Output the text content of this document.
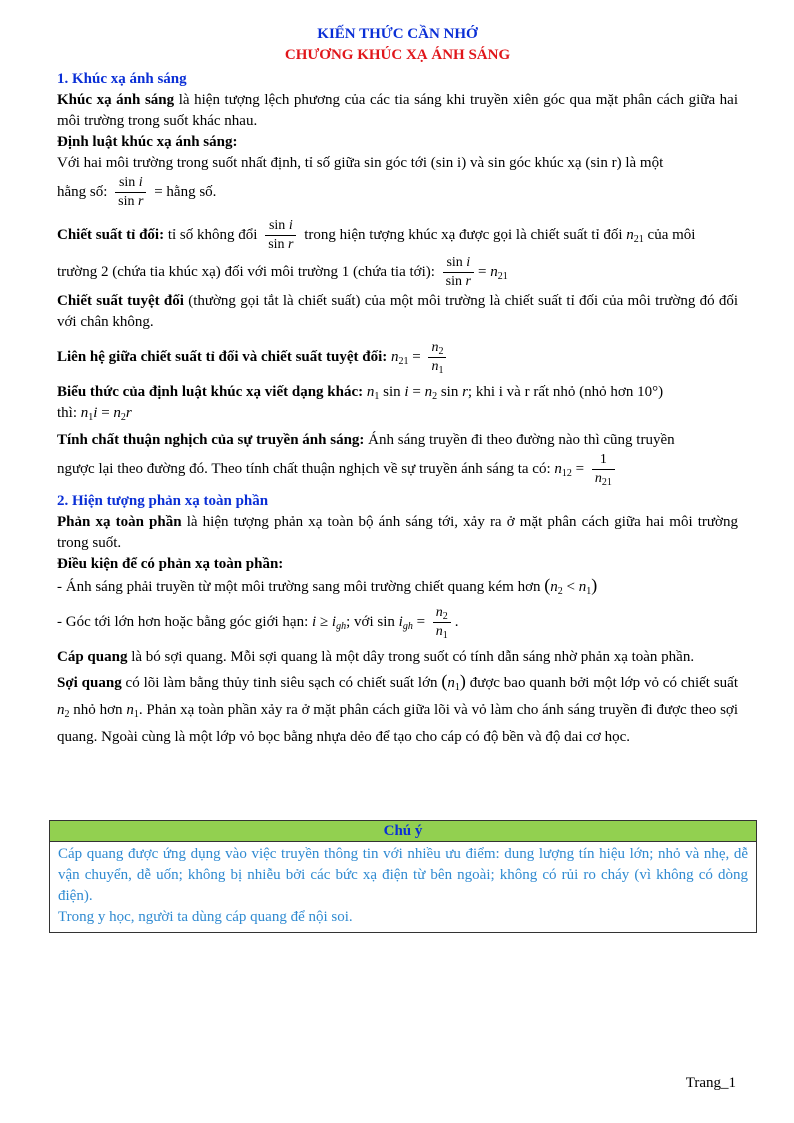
KIẾN THỨC CẦN NHỚ
CHƯƠNG KHÚC XẠ ÁNH SÁNG
1. Khúc xạ ánh sáng

Khúc xạ ánh sáng là hiện tượng lệch phương của các tia sáng khi truyền xiên góc qua mặt phân cách giữa hai môi trường trong suốt khác nhau.

Định luật khúc xạ ánh sáng:

Với hai môi trường trong suốt nhất định, tỉ số giữa sin góc tới (sin i) và sin góc khúc xạ (sin r) là một

hằng số: $\frac{\text{sin i}}{\text{sin r}}$ = hằng số.

Chiết suất tỉ đối: tỉ số không đổi $\frac{\text{sin i}}{\text{sin r}}$ trong hiện tượng khúc xạ được gọi là chiết suất tỉ đối $n_{21}$ của môi

trường 2 (chứa tia khúc xạ) đối với môi trường 1 (chứa tia tới): $\frac{\text{sin i}}{\text{sin r}} = n_{21}$

Chiết suất tuyệt đối (thường gọi tắt là chiết suất) của một môi trường là chiết suất tỉ đối của môi trường đó đối với chân không.

Liên hệ giữa chiết suất tỉ đối và chiết suất tuyệt đối: $n_{21} = \frac{n_2}{n_1}$

Biểu thức của định luật khúc xạ viết dạng khác: $n_1$ $\sin i = n_2$ sin r; khi i và r rất nhỏ (nhỏ hơn 10°)

thì: $n_1i = n_2r$

Tính chất thuận nghịch của sự truyền ánh sáng: Ánh sáng truyền đi theo đường nào thì cũng truyền

ngược lại theo đường đó. Theo tính chất thuận nghịch về sự truyền ánh sáng ta có: $n_{12} = \frac{1}{n_{21}}$

2. Hiện tượng phản xạ toàn phần

Phản xạ toàn phần là hiện tượng phản xạ toàn bộ ánh sáng tới, xảy ra ở mặt phân cách giữa hai môi trường trong suốt.

Điều kiện để có phản xạ toàn phần:

- Ánh sáng phải truyền từ một môi trường sang môi trường chiết quang kém hơn $(n_2 < n_1)$

- Góc tới lớn hơn hoặc bằng góc giới hạn: $i \ge i_{gh}$; với $\sin i_{gh} = \frac{n_2}{n_1}$ .

Cáp quang là bó sợi quang. Mỗi sợi quang là một dây trong suốt có tính dẫn sáng nhờ phản xạ toàn phần.

Sợi quang có lõi làm bằng thủy tinh siêu sạch có chiết suất lớn $(n_1)$ được bao quanh bởi một lớp vỏ có chiết suất $n_2$ nhỏ hơn $n_1$. Phản xạ toàn phần xảy ra ở mặt phân cách giữa lõi và vỏ làm cho ánh sáng truyền đi được theo sợi quang. Ngoài cùng là một lớp vỏ bọc bằng nhựa dẻo để tạo cho cáp có độ bền và độ dai cơ học.

Chú ý
Cáp quang được ứng dụng vào việc truyền thông tin với nhiều ưu điểm: dung lượng tín hiệu lớn; nhỏ và nhẹ, dễ vận chuyển, dễ uốn; không bị nhiễu bởi các bức xạ điện từ bên ngoài; không có rủi ro cháy (vì không có dòng điện).
Trong y học, người ta dùng cáp quang để nội soi.
Trang_1
